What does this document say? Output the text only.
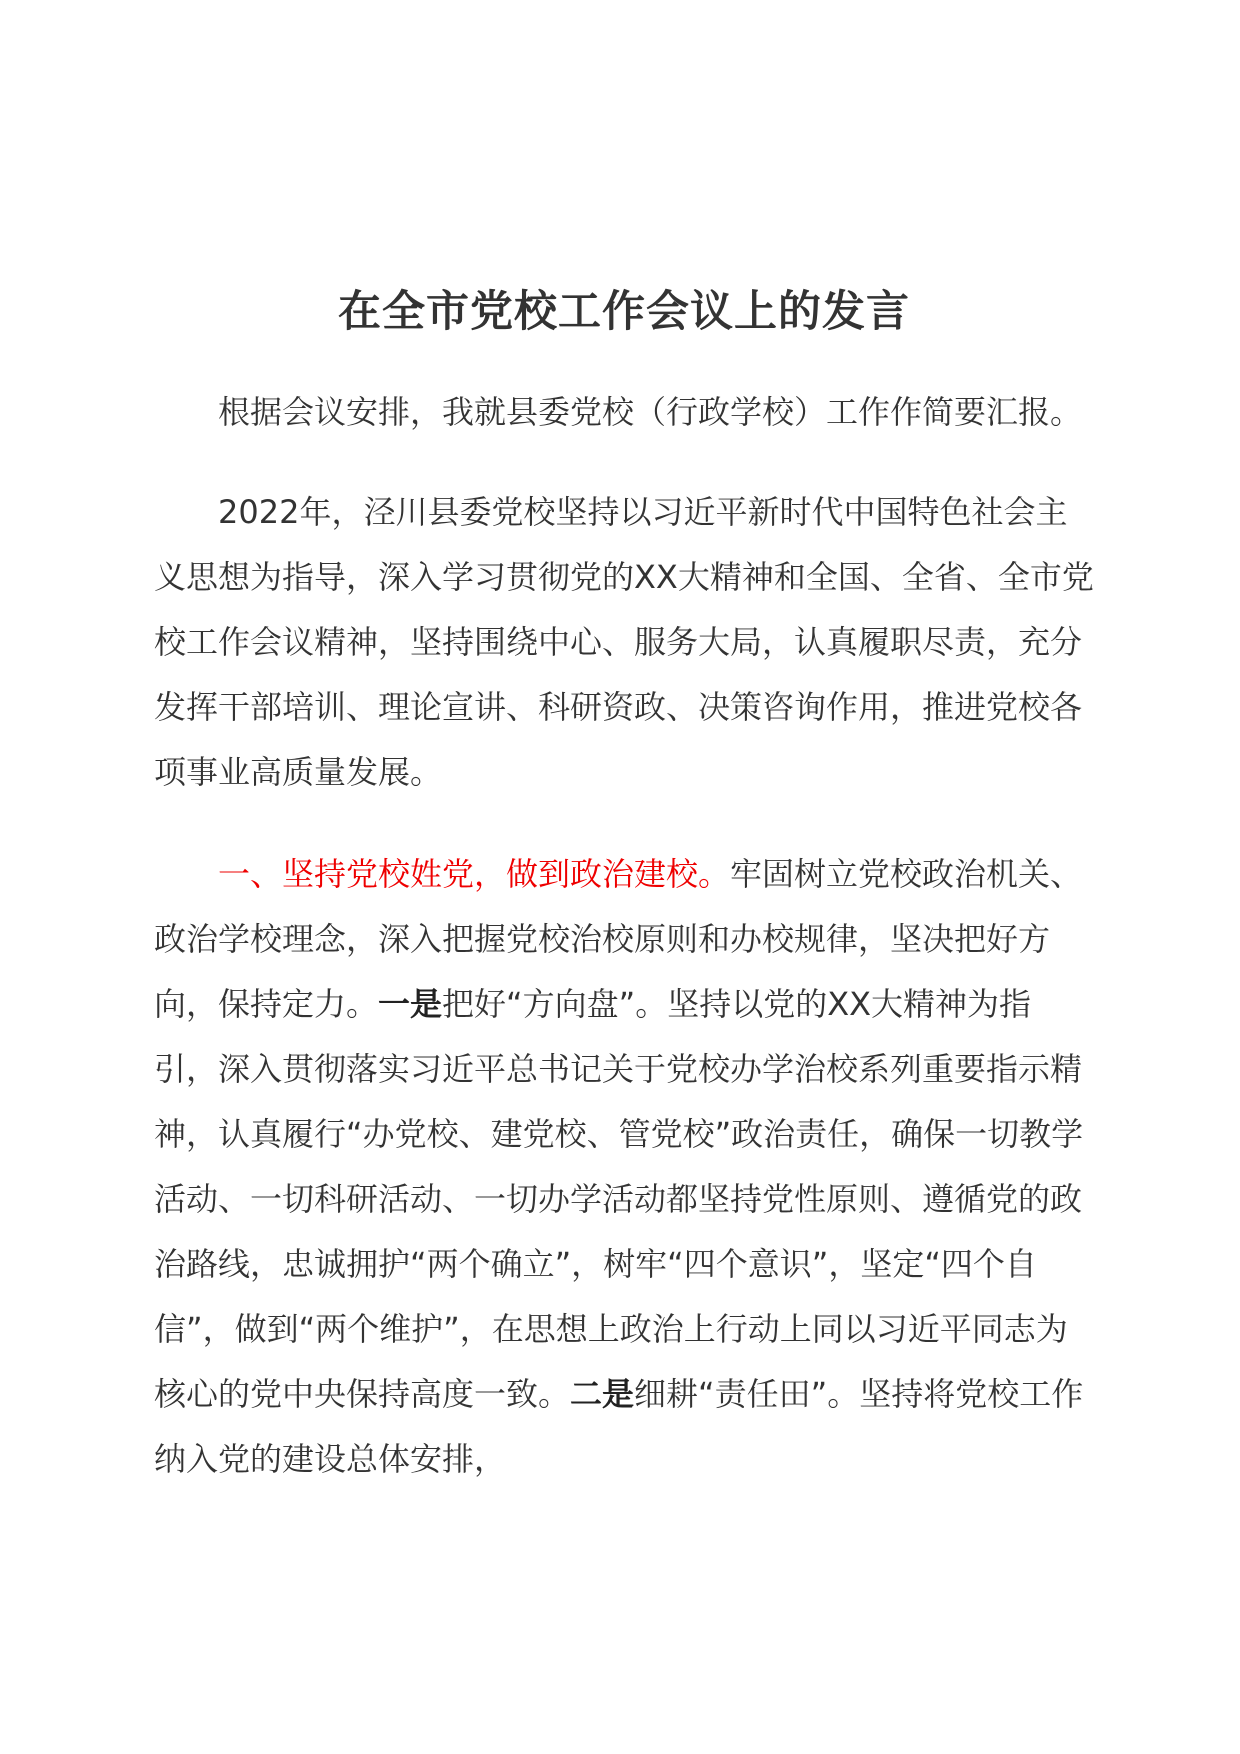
在全市党校工作会议上的发言

根据会议安排，我就县委党校（行政学校）工作作简要汇报。

2022年，泾川县委党校坚持以习近平新时代中国特色社会主义思想为指导，深入学习贯彻党的XX大精神和全国、全省、全市党校工作会议精神，坚持围绕中心、服务大局，认真履职尽责，充分发挥干部培训、理论宣讲、科研资政、决策咨询作用，推进党校各项事业高质量发展。

一、坚持党校姓党，做到政治建校。牢固树立党校政治机关、政治学校理念，深入把握党校治校原则和办校规律，坚决把好方向，保持定力。一是把好“方向盘”。坚持以党的XX大精神为指引，深入贯彻落实习近平总书记关于党校办学治校系列重要指示精神，认真履行“办党校、建党校、管党校”政治责任，确保一切教学活动、一切科研活动、一切办学活动都坚持党性原则、遵循党的政治路线，忠诚拥护“两个确立”，树牢“四个意识”，坚定“四个自信”，做到“两个维护”，在思想上政治上行动上同以习近平同志为核心的党中央保持高度一致。二是细耕“责任田”。坚持将党校工作纳入党的建设总体安排，
